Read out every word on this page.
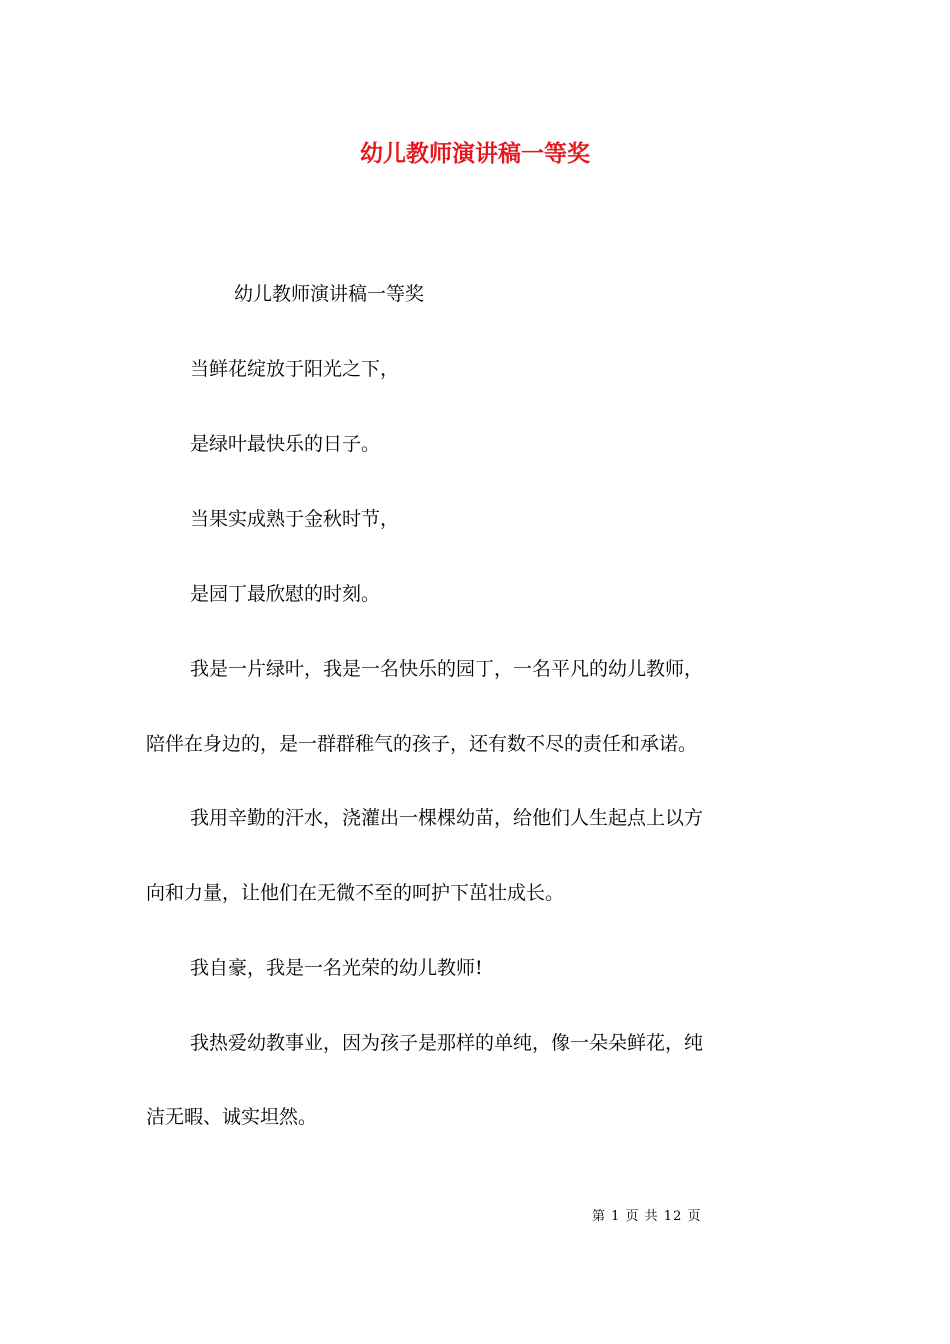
幼儿教师演讲稿一等奖

幼儿教师演讲稿一等奖

当鲜花绽放于阳光之下，

是绿叶最快乐的日子。

当果实成熟于金秋时节，

是园丁最欣慰的时刻。

我是一片绿叶，我是一名快乐的园丁，一名平凡的幼儿教师，

陪伴在身边的，是一群群稚气的孩子，还有数不尽的责任和承诺。

我用辛勤的汗水，浇灌出一棵棵幼苗，给他们人生起点上以方

向和力量，让他们在无微不至的呵护下茁壮成长。

我自豪，我是一名光荣的幼儿教师!

我热爱幼教事业，因为孩子是那样的单纯，像一朵朵鲜花，纯

洁无暇、诚实坦然。

第 1 页 共 12 页
